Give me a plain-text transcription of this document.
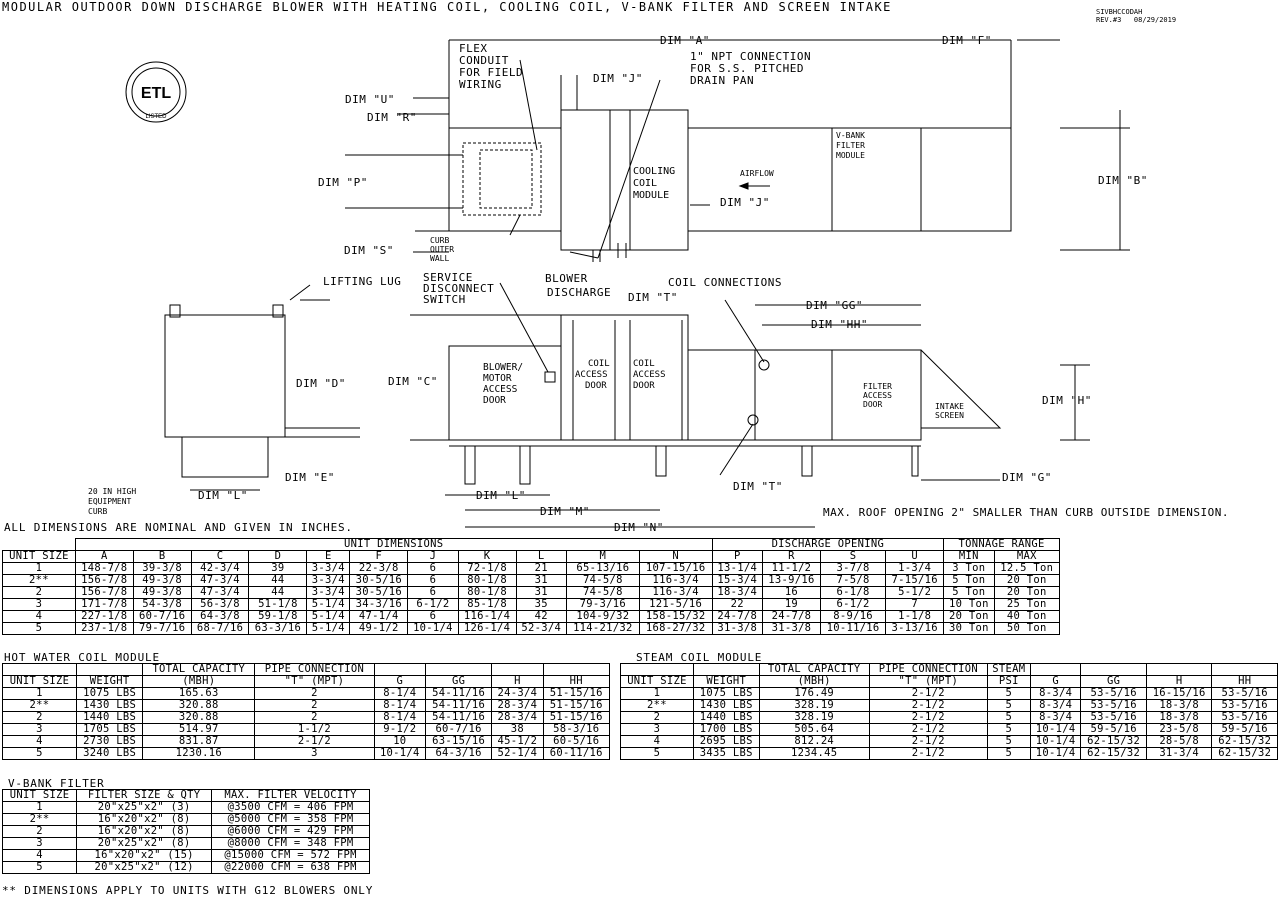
MODULAR OUTDOOR DOWN DISCHARGE BLOWER WITH HEATING COIL, COOLING COIL, V-BANK FILTER AND SCREEN INTAKE	SIVBHCCODAH
REV.#3   08/29/2019
ETL
LISTED
DIM "A"	DIM "F"
DIM "U"
DIM "R"
DIM "J"
DIM "J"
DIM "P"
DIM "S"
DIM "B"
DIM "T"
DIM "GG"
DIM "HH"
DIM "D"	DIM "C"
DIM "H"
DIM "E"	DIM "G"
DIM "L"	DIM "L"
DIM "M"
DIM "N"
DIM "T"
FLEX
CONDUIT
FOR FIELD
WIRING
1" NPT CONNECTION
FOR S.S. PITCHED
DRAIN PAN
BLOWER
DISCHARGE
COIL CONNECTIONS
LIFTING LUG SERVICE
DISCONNECT
SWITCH
MAX. ROOF OPENING 2" SMALLER THAN CURB OUTSIDE DIMENSION.
V-BANK
FILTER
MODULE
COOLING
COIL
MODULE
AIRFLOW
CURB
OUTER
WALL
BLOWER/
MOTOR
ACCESS
DOOR
COIL
ACCESS
DOOR
COIL
ACCESS
DOOR	FILTER
ACCESS
DOOR	INTAKE
SCREEN
20 IN HIGH
EQUIPMENT
CURB
ALL DIMENSIONS ARE NOMINAL AND GIVEN IN INCHES.
	UNIT DIMENSIONS											DISCHARGE OPENING				TONNAGE RANGE	
UNIT SIZE	A	B	C	D	E	F	J	K	L	M	N	P	R	S	U	MIN	MAX
1	148-7/8	39-3/8	42-3/4	39	3-3/4	22-3/8	6	72-1/8	21	65-13/16	107-15/16	13-1/4	11-1/2	3-7/8	1-3/4	3 Ton	12.5 Ton
2**	156-7/8	49-3/8	47-3/4	44	3-3/4	30-5/16	6	80-1/8	31	74-5/8	116-3/4	15-3/4	13-9/16	7-5/8	7-15/16	5 Ton	20 Ton
2	156-7/8	49-3/8	47-3/4	44	3-3/4	30-5/16	6	80-1/8	31	74-5/8	116-3/4	18-3/4	16	6-1/8	5-1/2	5 Ton	20 Ton
3	171-7/8	54-3/8	56-3/8	51-1/8	5-1/4	34-3/16	6-1/2	85-1/8	35	79-3/16	121-5/16	22	19	6-1/2	7	10 Ton	25 Ton
4	227-1/8	60-7/16	64-3/8	59-1/8	5-1/4	47-1/4	6	116-1/4	42	104-9/32	158-15/32	24-7/8	24-7/8	8-9/16	1-1/8	20 Ton	40 Ton
5	237-1/8	79-7/16	68-7/16	63-3/16	5-1/4	49-1/2	10-1/4	126-1/4	52-3/4	114-21/32	168-27/32	31-3/8	31-3/8	10-11/16	3-13/16	30 Ton	50 Ton
HOT WATER COIL MODULE
		TOTAL CAPACITY	PIPE CONNECTION				
UNIT SIZE	WEIGHT	(MBH)	"T" (MPT)	G	GG	H	HH
1	1075 LBS	165.63	2	8-1/4	54-11/16	24-3/4	51-15/16
2**	1430 LBS	320.88	2	8-1/4	54-11/16	28-3/4	51-15/16
2	1440 LBS	320.88	2	8-1/4	54-11/16	28-3/4	51-15/16
3	1705 LBS	514.97	1-1/2	9-1/2	60-7/16	38	58-3/16
4	2730 LBS	831.87	2-1/2	10	63-15/16	45-1/2	60-5/16
5	3240 LBS	1230.16	3	10-1/4	64-3/16	52-1/4	60-11/16
STEAM COIL MODULE
		TOTAL CAPACITY	PIPE CONNECTION	STEAM				
UNIT SIZE	WEIGHT	(MBH)	"T" (MPT)	PSI	G	GG	H	HH
1	1075 LBS	176.49	2-1/2	5	8-3/4	53-5/16	16-15/16	53-5/16
2**	1430 LBS	328.19	2-1/2	5	8-3/4	53-5/16	18-3/8	53-5/16
2	1440 LBS	328.19	2-1/2	5	8-3/4	53-5/16	18-3/8	53-5/16
3	1700 LBS	505.64	2-1/2	5	10-1/4	59-5/16	23-5/8	59-5/16
4	2695 LBS	812.24	2-1/2	5	10-1/4	62-15/32	28-5/8	62-15/32
5	3435 LBS	1234.45	2-1/2	5	10-1/4	62-15/32	31-3/4	62-15/32
V-BANK FILTER
UNIT SIZE	FILTER SIZE & QTY	MAX. FILTER VELOCITY
1	20"x25"x2" (3)	@3500 CFM = 406 FPM
2**	16"x20"x2" (8)	@5000 CFM = 358 FPM
2	16"x20"x2" (8)	@6000 CFM = 429 FPM
3	20"x25"x2" (8)	@8000 CFM = 348 FPM
4	16"x20"x2" (15)	@15000 CFM = 572 FPM
5	20"x25"x2" (12)	@22000 CFM = 638 FPM
** DIMENSIONS APPLY TO UNITS WITH G12 BLOWERS ONLY
